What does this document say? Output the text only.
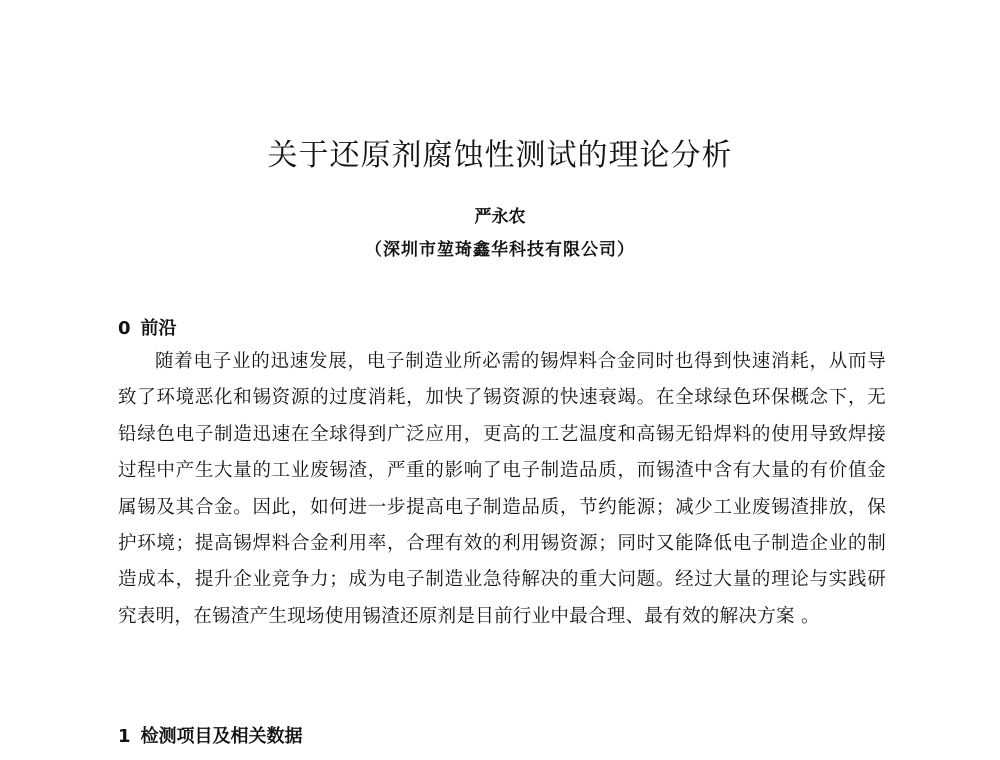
关于还原剂腐蚀性测试的理论分析
严永农
（深圳市堃琦鑫华科技有限公司）
0 前沿

随着电子业的迅速发展，电子制造业所必需的锡焊料合金同时也得到快速消耗，从而导致了环境恶化和锡资源的过度消耗，加快了锡资源的快速衰竭。在全球绿色环保概念下，无铅绿色电子制造迅速在全球得到广泛应用，更高的工艺温度和高锡无铅焊料的使用导致焊接过程中产生大量的工业废锡渣，严重的影响了电子制造品质，而锡渣中含有大量的有价值金属锡及其合金。因此，如何进一步提高电子制造品质，节约能源；减少工业废锡渣排放，保护环境；提高锡焊料合金利用率，合理有效的利用锡资源；同时又能降低电子制造企业的制造成本，提升企业竞争力；成为电子制造业急待解决的重大问题。经过大量的理论与实践研究表明，在锡渣产生现场使用锡渣还原剂是目前行业中最合理、最有效的解决方案 。

1 检测项目及相关数据
